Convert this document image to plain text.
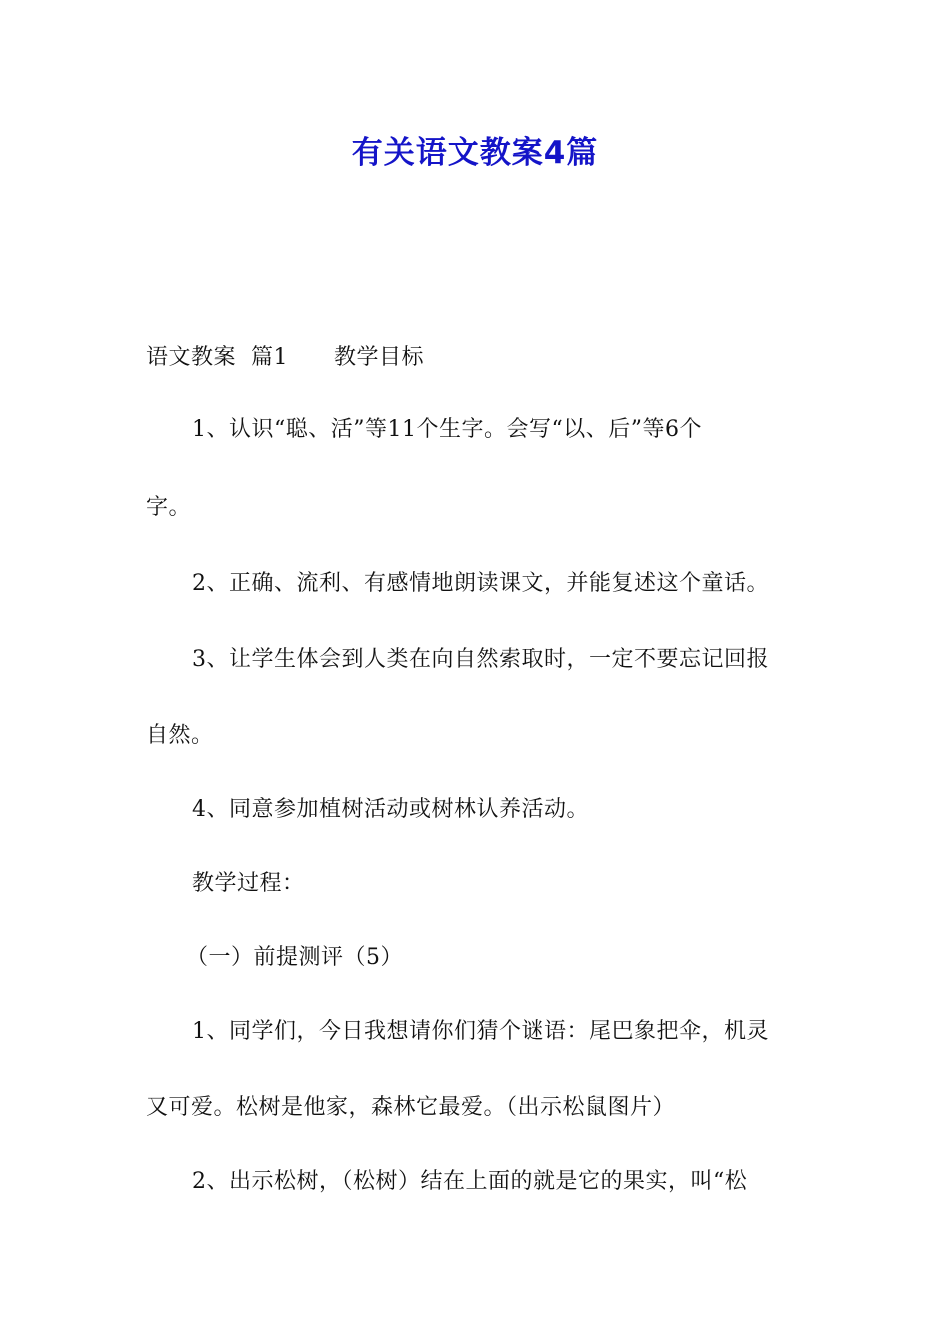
有关语文教案4篇
语文教案  篇1 教学目标
1、认识“聪、活”等11个生字。会写“以、后”等6个
字。
2、正确、流利、有感情地朗读课文，并能复述这个童话。
3、让学生体会到人类在向自然索取时，一定不要忘记回报
自然。
4、同意参加植树活动或树林认养活动。
教学过程：
（一）前提测评（5）
1、同学们，今日我想请你们猜个谜语：尾巴象把伞，机灵
又可爱。松树是他家，森林它最爱。（出示松鼠图片）
2、出示松树，（松树）结在上面的就是它的果实，叫“松
